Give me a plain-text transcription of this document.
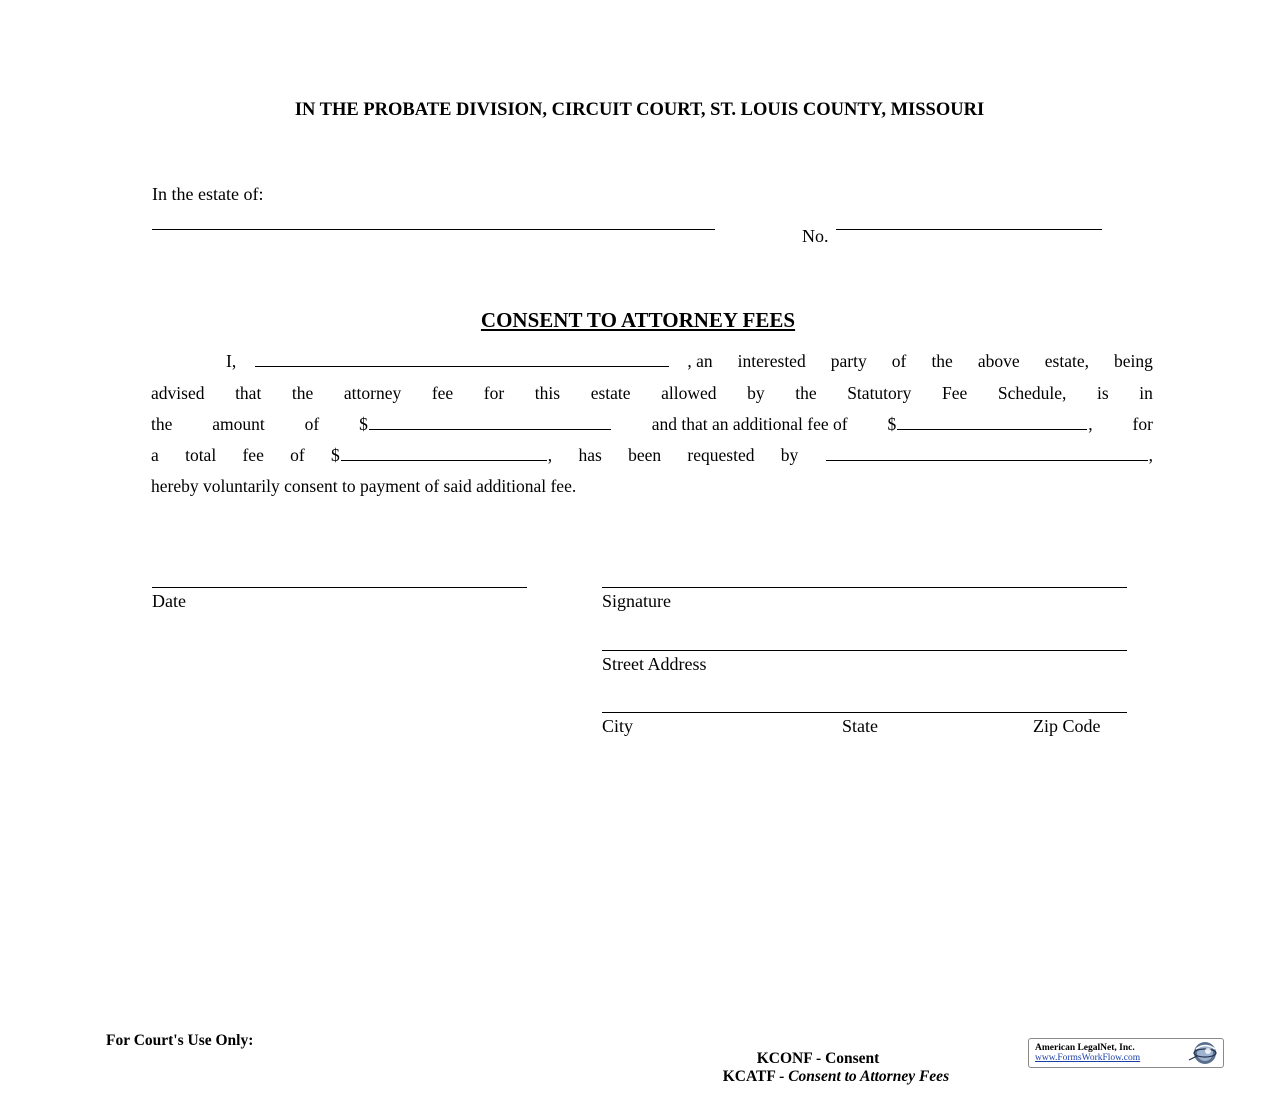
IN THE PROBATE DIVISION, CIRCUIT COURT, ST. LOUIS COUNTY, MISSOURI
In the estate of:
No.
CONSENT TO ATTORNEY FEES
I,	, an interested party of the above estate, being
advised that the attorney fee for this estate allowed by the Statutory Fee Schedule, is in
the amount of $	and that an additional fee of $	, for
a total fee of $	, has been requested by	,
hereby voluntarily consent to payment of said additional fee.
Date	Signature
Street Address
City	State	Zip Code
For Court's Use Only:

KCONF - Consent

KCATF - Consent to Attorney Fees

American LegalNet, Inc.
www.FormsWorkFlow.com
